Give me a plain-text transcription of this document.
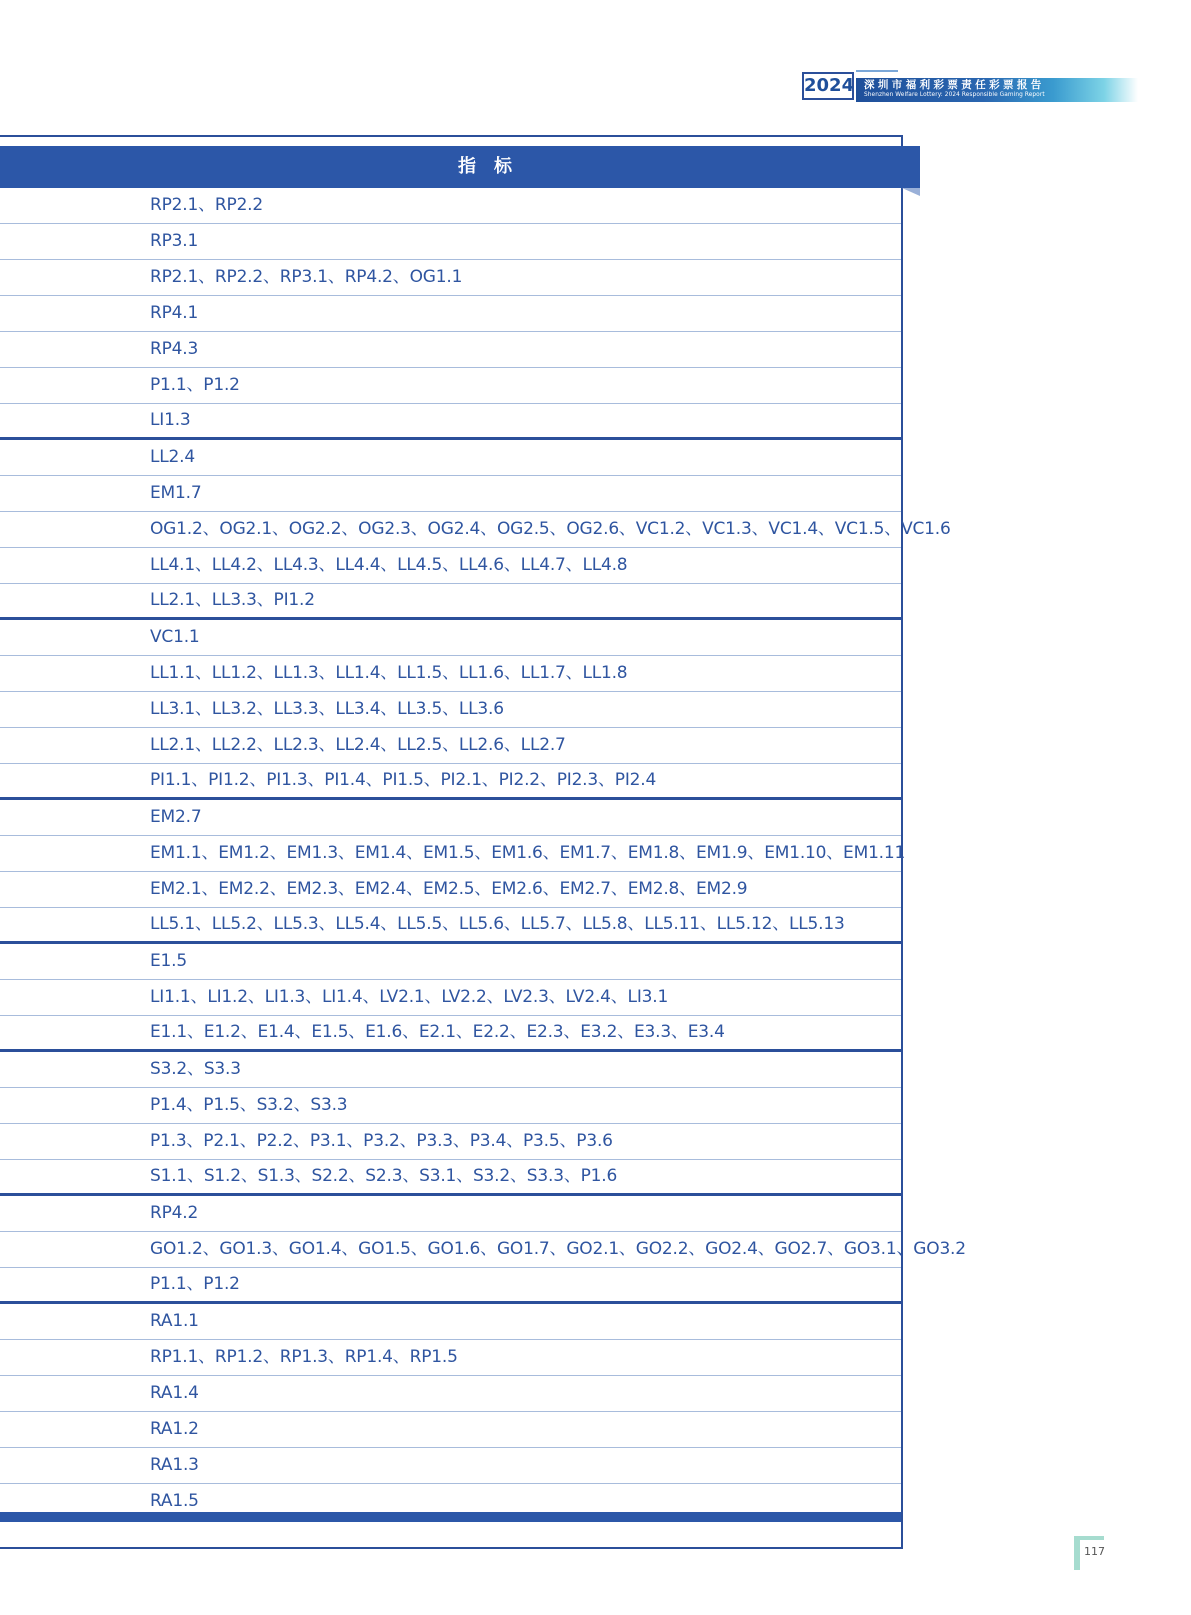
2024 深圳市福利彩票责任彩票报告
Shenzhen Welfare Lottery: 2024 Responsible Gaming Report
指标
RP2.1、RP2.2
RP3.1
RP2.1、RP2.2、RP3.1、RP4.2、OG1.1
RP4.1
RP4.3
P1.1、P1.2
LI1.3
LL2.4
EM1.7
OG1.2、OG2.1、OG2.2、OG2.3、OG2.4、OG2.5、OG2.6、VC1.2、VC1.3、VC1.4、VC1.5、VC1.6
LL4.1、LL4.2、LL4.3、LL4.4、LL4.5、LL4.6、LL4.7、LL4.8
LL2.1、LL3.3、PI1.2
VC1.1
LL1.1、LL1.2、LL1.3、LL1.4、LL1.5、LL1.6、LL1.7、LL1.8
LL3.1、LL3.2、LL3.3、LL3.4、LL3.5、LL3.6
LL2.1、LL2.2、LL2.3、LL2.4、LL2.5、LL2.6、LL2.7
PI1.1、PI1.2、PI1.3、PI1.4、PI1.5、PI2.1、PI2.2、PI2.3、PI2.4
EM2.7
EM1.1、EM1.2、EM1.3、EM1.4、EM1.5、EM1.6、EM1.7、EM1.8、EM1.9、EM1.10、EM1.11
EM2.1、EM2.2、EM2.3、EM2.4、EM2.5、EM2.6、EM2.7、EM2.8、EM2.9
LL5.1、LL5.2、LL5.3、LL5.4、LL5.5、LL5.6、LL5.7、LL5.8、LL5.11、LL5.12、LL5.13
E1.5
LI1.1、LI1.2、LI1.3、LI1.4、LV2.1、LV2.2、LV2.3、LV2.4、LI3.1
E1.1、E1.2、E1.4、E1.5、E1.6、E2.1、E2.2、E2.3、E3.2、E3.3、E3.4
S3.2、S3.3
P1.4、P1.5、S3.2、S3.3
P1.3、P2.1、P2.2、P3.1、P3.2、P3.3、P3.4、P3.5、P3.6
S1.1、S1.2、S1.3、S2.2、S2.3、S3.1、S3.2、S3.3、P1.6
RP4.2
GO1.2、GO1.3、GO1.4、GO1.5、GO1.6、GO1.7、GO2.1、GO2.2、GO2.4、GO2.7、GO3.1、GO3.2
P1.1、P1.2
RA1.1
RP1.1、RP1.2、RP1.3、RP1.4、RP1.5
RA1.4
RA1.2
RA1.3
RA1.5
117
